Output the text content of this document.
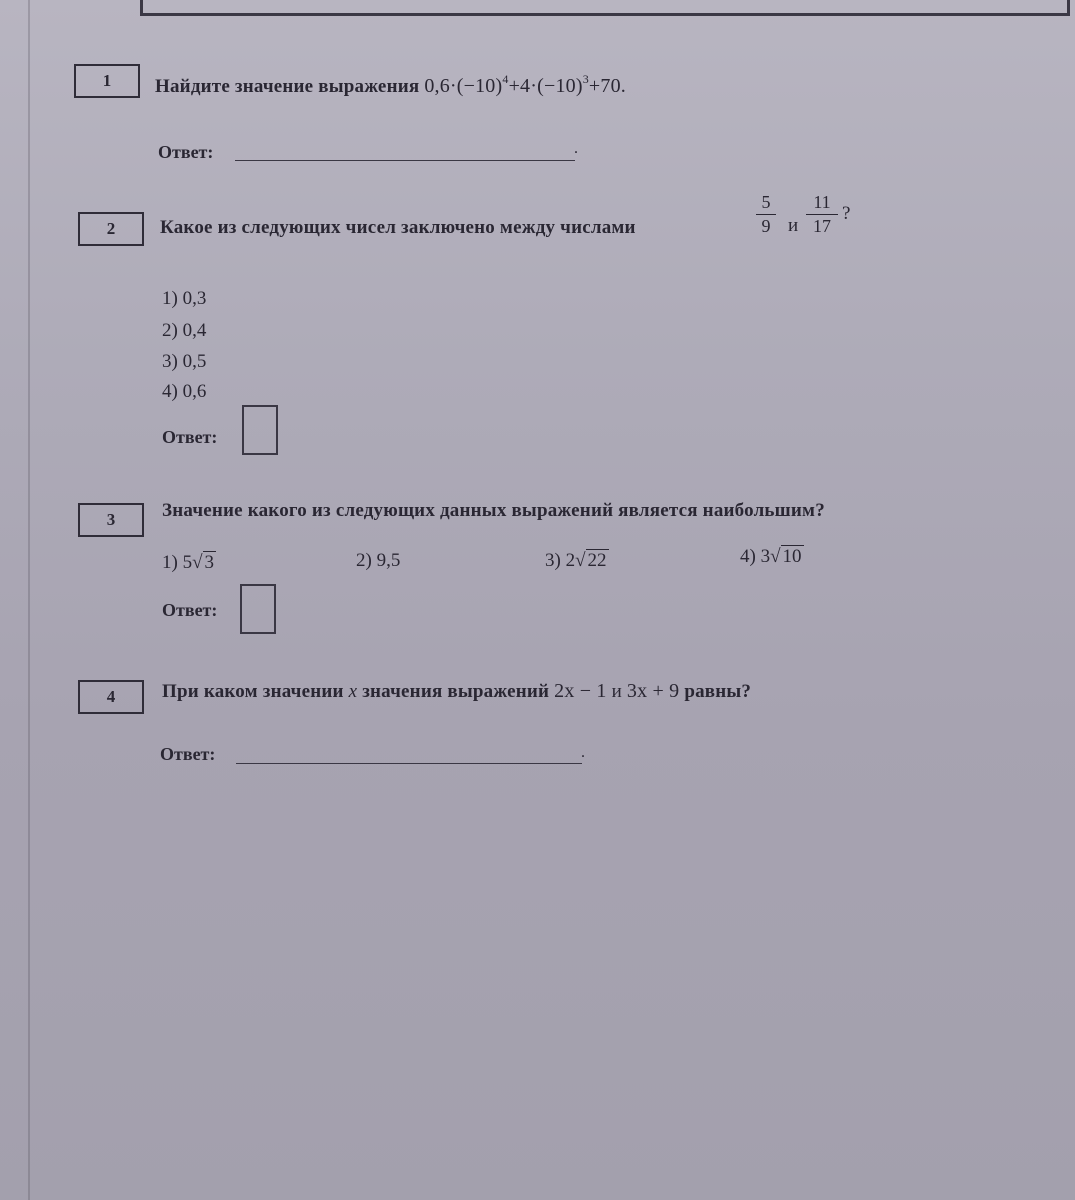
1	Найдите значение выражения $0,6\cdot(-10)^4+4\cdot(-10)^3+70$.
Ответ:	.
2	Какое из следующих чисел заключено между числами
5
9 и
11
17
?
1) 0,3
2) 0,4
3) 0,5
4) 0,6
Ответ:
3	Значение какого из следующих данных выражений является наибольшим?
1) 5√ 3	2) 9,5	3) 2√ 22	4) 3√ 10
Ответ:
4	При каком значении x значения выражений 2x − 1 и 3x + 9 равны?
Ответ:	.
